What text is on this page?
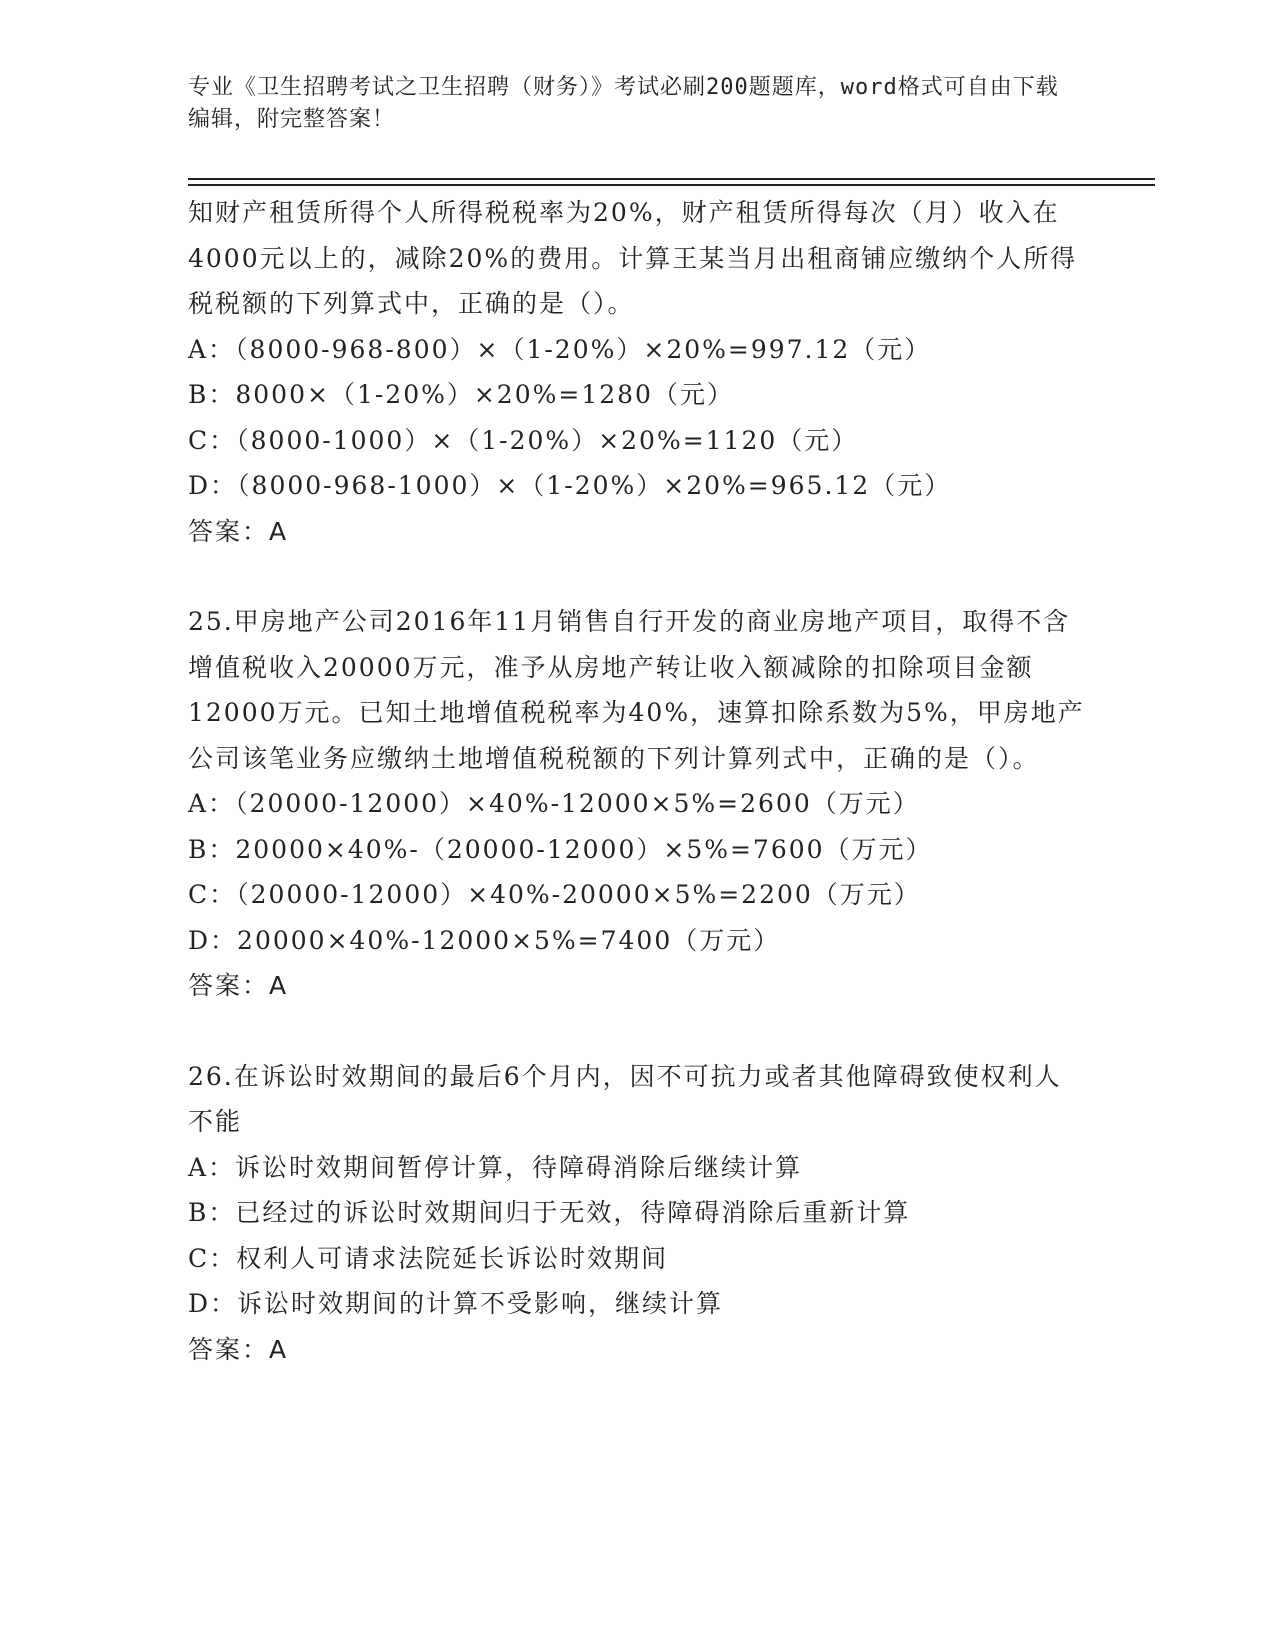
专业《卫生招聘考试之卫生招聘（财务）》考试必刷200题题库，word格式可自由下载编辑，附完整答案！

知财产租赁所得个人所得税税率为20%，财产租赁所得每次（月）收入在4000元以上的，减除20%的费用。计算王某当月出租商铺应缴纳个人所得税税额的下列算式中，正确的是（）。

A：（8000-968-800）×（1-20%）×20%=997.12（元）

B：8000×（1-20%）×20%=1280（元）

C：（8000-1000）×（1-20%）×20%=1120（元）

D：（8000-968-1000）×（1-20%）×20%=965.12（元）

答案：A

25.甲房地产公司2016年11月销售自行开发的商业房地产项目，取得不含增值税收入20000万元，准予从房地产转让收入额减除的扣除项目金额12000万元。已知土地增值税税率为40%，速算扣除系数为5%，甲房地产公司该笔业务应缴纳土地增值税税额的下列计算列式中，正确的是（）。

A：（20000-12000）×40%-12000×5%=2600（万元）

B：20000×40%-（20000-12000）×5%=7600（万元）

C：（20000-12000）×40%-20000×5%=2200（万元）

D：20000×40%-12000×5%=7400（万元）

答案：A

26.在诉讼时效期间的最后6个月内，因不可抗力或者其他障碍致使权利人不能

A：诉讼时效期间暂停计算，待障碍消除后继续计算

B：已经过的诉讼时效期间归于无效，待障碍消除后重新计算

C：权利人可请求法院延长诉讼时效期间

D：诉讼时效期间的计算不受影响，继续计算

答案：A
